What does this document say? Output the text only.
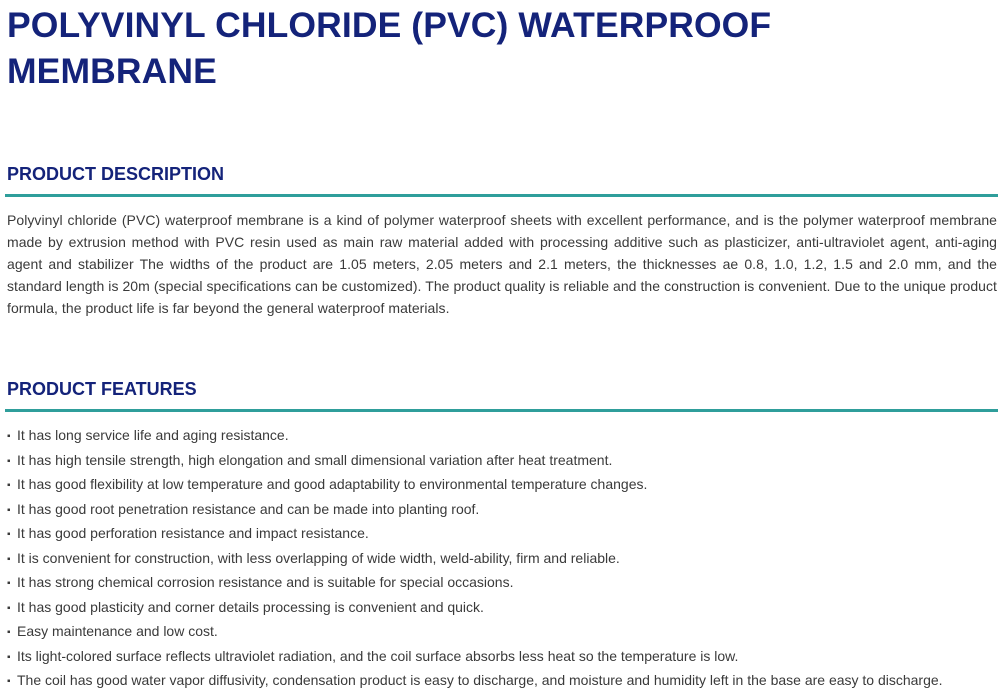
POLYVINYL CHLORIDE (PVC) WATERPROOF MEMBRANE
PRODUCT DESCRIPTION

Polyvinyl chloride (PVC) waterproof membrane is a kind of polymer waterproof sheets with excellent performance, and is the polymer waterproof membrane made by extrusion method with PVC resin used as main raw material added with processing additive such as plasticizer, anti-ultraviolet agent, anti-aging agent and stabilizer The widths of the product are 1.05 meters, 2.05 meters and 2.1 meters, the thicknesses ae 0.8, 1.0, 1.2, 1.5 and 2.0 mm, and the standard length is 20m (special specifications can be customized). The product quality is reliable and the construction is convenient. Due to the unique product formula, the product life is far beyond the general waterproof materials.

PRODUCT FEATURES
▪ It has long service life and aging resistance.
▪ It has high tensile strength, high elongation and small dimensional variation after heat treatment.
▪ It has good flexibility at low temperature and good adaptability to environmental temperature changes.
▪ It has good root penetration resistance and can be made into planting roof.
▪ It has good perforation resistance and impact resistance.
▪ It is convenient for construction, with less overlapping of wide width, weld-ability, firm and reliable.
▪ It has strong chemical corrosion resistance and is suitable for special occasions.
▪ It has good plasticity and corner details processing is convenient and quick.
▪ Easy maintenance and low cost.
▪ Its light-colored surface reflects ultraviolet radiation, and the coil surface absorbs less heat so the temperature is low.
▪ The coil has good water vapor diffusivity, condensation product is easy to discharge, and moisture and humidity left in the base are easy to discharge.
